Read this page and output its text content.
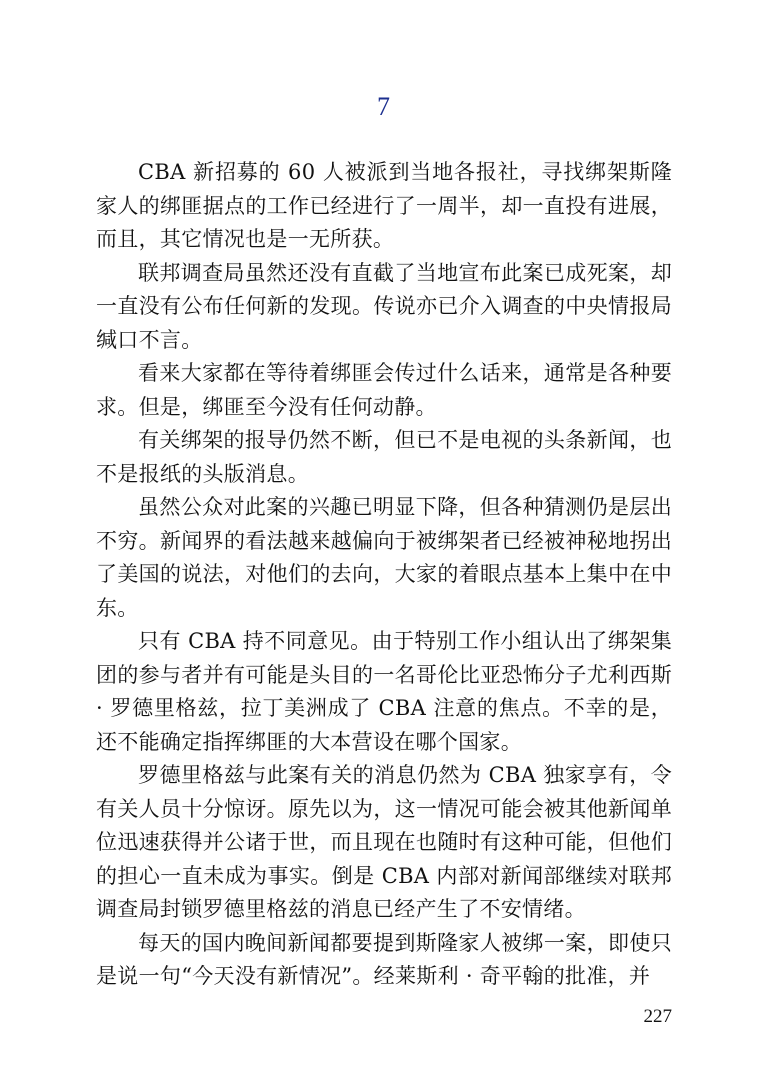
7

CBA 新招募的 60 人被派到当地各报社，寻找绑架斯隆家人的绑匪据点的工作已经进行了一周半，却一直投有进展，而且，其它情况也是一无所获。

联邦调查局虽然还没有直截了当地宣布此案已成死案，却一直没有公布任何新的发现。传说亦已介入调查的中央情报局缄口不言。

看来大家都在等待着绑匪会传过什么话来，通常是各种要求。但是，绑匪至今没有任何动静。

有关绑架的报导仍然不断，但已不是电视的头条新闻，也不是报纸的头版消息。

虽然公众对此案的兴趣已明显下降，但各种猜测仍是层出不穷。新闻界的看法越来越偏向于被绑架者已经被神秘地拐出了美国的说法，对他们的去向，大家的着眼点基本上集中在中东。

只有 CBA 持不同意见。由于特别工作小组认出了绑架集团的参与者并有可能是头目的一名哥伦比亚恐怖分子尤利西斯 · 罗德里格兹，拉丁美洲成了 CBA 注意的焦点。不幸的是，还不能确定指挥绑匪的大本营设在哪个国家。

罗德里格兹与此案有关的消息仍然为 CBA 独家享有，令有关人员十分惊讶。原先以为，这一情况可能会被其他新闻单位迅速获得并公诸于世，而且现在也随时有这种可能，但他们的担心一直未成为事实。倒是 CBA 内部对新闻部继续对联邦调查局封锁罗德里格兹的消息已经产生了不安情绪。

每天的国内晚间新闻都要提到斯隆家人被绑一案，即使只是说一句“今天没有新情况”。经莱斯利 · 奇平翰的批准，并

227
